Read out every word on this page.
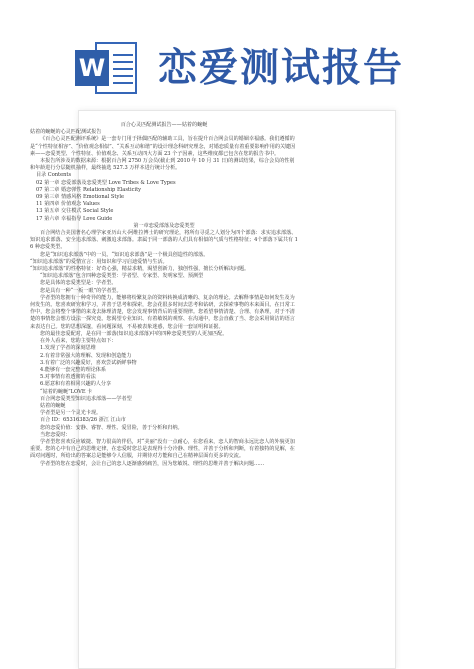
W 恋爱测试报告

百合心灵匹配测试报告——姑着的蜿蜒

姑着的蜿蜒的心灵匹配测试报告

《百合心灵匹配测评系统》是一套专门用于择偶匹配的辅助工具，旨在提升百合网会员的婚姻幸福感。我们遵循的是“个性特征相容”、“价值观念相似”、“关系互动和谐”的设计理念科研究理念，对婚恋质量有着重要影响作用的关键因素——恋爱类型、个性特征、价值观念、关系互动四大方面 23 个子因素，这些维度都已包含在您的报告书中。

本报告所涉及的数据来源：根据百合网 2750 万会员(截止到 2010 年 10 月 31 日)的测试结果，综合会员的性别和年龄进行分层随机抽样，最终抽选 527.3 万样本进行统计分析。

目录 Contents

02 第一章 恋爱部落及恋爱类型 Love Tribes & Love Types

07 第二章 婚恋弹性 Relationship Elasticity

09 第三章 情感风格 Emotional Style

11 第四章 价值观念 Values

13 第五章 交往模式 Social Style

17 第六章 幸福指导 Love Guide

第一章恋爱部落及恋爱类型

百合网结合美国著名心理学家亚历山大·阿维拉博士的研究理论，将所有寻觅之人划分为四个部落：求实追求部落、知识追求部落、安全追求部落、刺激追求部落。隶属于同一部落的人们具有相似的气质与性格特征；4个部落下属共有 16 种恋爱类型。

您是“知识追求部落”中的一员。“知识追求部落”是一个极具创造性的部落。

“知识追求部落”的爱情宣言：用知识和学习启迪爱情与生活。

“知识追求部落”的性格特征：好奇心强，精益求精，渴望创新力，独创性强，擅长分析解决问题。

“知识追求部落”包含四种恋爱类型：学者型、专家型、发明家型、预测型

您是具体的恋爱类型是：学者型。

您是具有一种“一板一眼”的学者型。

学者型的您拥有一种奇异的能力，能够将纷繁复杂的资料转换成清晰的、复杂的理论。去解释事情是如何发生及为何发生的。您喜欢研究和学习，并善于思考和探索，您会花很多时间去思考和钻研，去探索事物的本来面目。在日常工作中，您会将整个事情的来龙去脉理清楚，您会发现事情背后的重要规律。您希望事情清楚、合理、有条理，对于不清楚的事情您会想方设法一探究竟。您渴望专业知识、有着敏锐的观察、在沟通中，您会直截了当、您会采用简洁的语言来表达自己。您的思想深邃，看问题深刻，不易被表象迷惑，您会用一套证明和证据。

您的最佳恋爱配对，是在同一部落(知识追求部落)中的四种恋爱类型的人更加匹配。

在外人看来，您的主要特点如下：

1.发现了学者的深刻思维

2.有着非常强大的理解、发现和创造能力

3.有着广泛的兴趣爱好，喜欢尝试新鲜事物

4.能够有一套完整的理论体系

5.对事情有着透彻的看法

6.愿意和有着相同兴趣的人分享

“姑着的蜿蜒”LOVE 卡

百合网恋爱类型知识追求部落——学者型

姑着的蜿蜒

学者型是另一个灵光卡现。

百合 ID：65316383/26 浙江 江山市

您的恋爱价值：安静、睿智、理性、爱冒险，善于分析和归纳。

当您恋爱时：

学者型您喜欢反应敏捷、智力很高的伴侣，对“美丽”没有一点耐心，在您看来，恋人的智商永远比恋人的外貌更加重要。您的心中有自己的思维定律，在恋爱时您总是表现得十分冷静、理性，并善于分析和判断，有着独特的见解，在面对问题时，所给出的答案总是能够令人信服，并期待对方能和自己在精神层面有更多的交流。

学者型的您在恋爱时，会让自己的恋人逐渐感到痛苦，因为您敏锐、理性的思维并善于解决问题……
